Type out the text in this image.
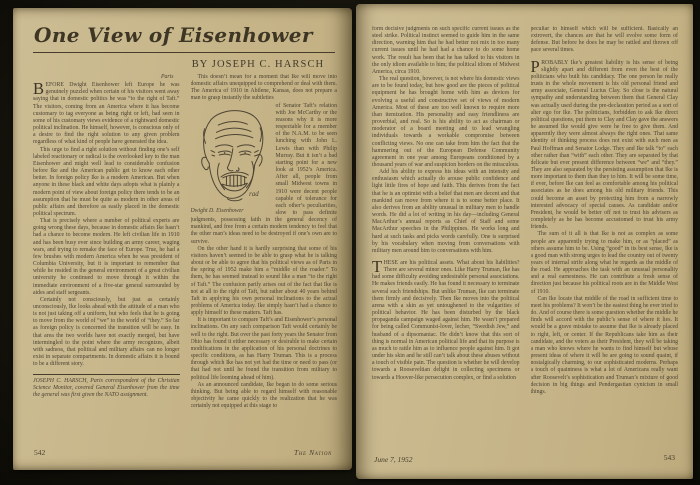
One View of Eisenhower
BY JOSEPH C. HARSCH
Paris

BEFORE Dwight Eisenhower left Europe he was genuinely puzzled when certain of his visitors went away saying that in domestic politics he was “to the right of Taft.” The visitors, coming from an America where it has become customary to tag everyone as being right or left, had seen in some of his customary views evidence of a rightward domestic political inclination. He himself, however, is conscious only of a desire to find the right solution to any given problem regardless of what kind of people have generated the idea.

This urge to find a right solution without finding one’s self labeled reactionary or radical is the overlooked key to the man Eisenhower and might well lead to considerable confusion before Ike and the American public get to know each other better. In foreign policy Ike is a modern American. But when anyone in these black and white days adopts what is plainly a modern point of view about foreign policy there tends to be an assumption that he must be quite as modern in other areas of public affairs and therefore as easily placed in the domestic political spectrum.

That is precisely where a number of political experts are going wrong these days, because in domestic affairs Ike hasn’t had a chance to become modern. He left civilian life in 1910 and has been busy ever since building an army career, waging wars, and trying to remake the face of Europe. True, he had a few brushes with modern America when he was president of Columbia University, but it is important to remember that while he resided in the general environment of a great civilian university he continued to move through it within the immediate environment of a five-star general surrounded by aides and staff sergeants.

Certainly not consciously, but just as certainly unconsciously, Ike looks ahead with the attitude of a man who is not just taking off a uniform, but who feels that he is going to move from the world of “we” to the world of “they.” So far as foreign policy is concerned the transition will be easy. In that area the two worlds have not exactly merged, but have intermingled to the point where the army recognizes, albeit with sadness, that political and military affairs can no longer exist in separate compartments. In domestic affairs it is bound to be a different story.

JOSEPH C. HARSCH, Paris correspondent of the Christian Science Monitor, covered General Eisenhower from the time the general was first given the NATO assignment.

This doesn’t mean for a moment that Ike will move into domestic affairs unequipped to comprehend or deal with them. The America of 1910 in Abilene, Kansas, does not prepare a man to grasp instantly the subtleties

rad
Dwight D. Eisenhower

of Senator Taft’s relation with Joe McCarthy or the reasons why it is more respectable for a member of the N.A.M. to be seen lunching with John L. Lewis than with Philip Murray. But it isn’t a bad starting point for a new look at 1952’s America. After all, people from small Midwest towns in 1910 were decent people capable of tolerance for each other’s peculiarities, slow to pass definite judgments, possessing faith in the general decency of mankind, and free from a certain modern tendency to feel that the other man’s ideas need to be destroyed if one’s own are to survive.

On the other hand it is hardly surprising that some of his visitors haven’t seemed to be able to grasp what he is talking about or be able to agree that his political views as of Paris in the spring of 1952 make him a “middle of the roader.” To them, he has seemed instead to sound like a man “to the right of Taft.” The confusion partly arises out of the fact that Ike is not at all to the right of Taft, but rather about 40 years behind Taft in applying his own personal inclinations to the actual problems of America today. Ike simply hasn’t had a chance to apply himself to these matters. Taft has.

It is important to compare Taft’s and Eisenhower’s personal inclinations. On any such comparison Taft would certainly be well to the right. But over the past forty years the Senator from Ohio has found it either necessary or desirable to make certain modifications in the application of his personal doctrines to specific conditions, as has Harry Truman. This is a process through which Ike has not yet had the time or need to pass (or that had not until he found the transition from military to political life looming ahead of him).

As an announced candidate, Ike began to do some serious thinking. But being able to regard himself with reasonable objectivity he came quickly to the realization that he was certainly not equipped at this stage to

542	The Nation

form decisive judgments on such specific current issues as the steel strike. Political instinct seemed to guide him in the same direction, warning him that he had better not mix in too many current issues until he had had a chance to do some home work. The result has been that he has talked to his visitors in the only idiom available to him; the political idiom of Midwest America, circa 1910.

The real question, however, is not where his domestic views are to be found today, but how good are the pieces of political equipment he has brought home with him as devices for evolving a useful and constructive set of views of modern America. Most of these are too well known to require more than itemization. His personality and easy friendliness are proverbial, and real. So is his ability to act as chairman or moderator of a board meeting and to lead wrangling individuals towards a workable compromise between conflicting views. No one can take from him the fact that the hammering out of the European Defense Community agreement in one year among Europeans conditioned by a thousand years of war and suspicion borders on the miraculous.

Add his ability to express his ideas with an intensity and enthusiasm which actually do arouse public confidence and light little fires of hope and faith. This derives from the fact that he is an optimist with a belief that men are decent and that mankind can move from where it is to some better place. It also derives from an ability unusual in military men to handle words. He did a lot of writing in his day—including General MacArthur’s annual reports as Chief of Staff and some MacArthur speeches in the Philippines. He works long and hard at such tasks and picks words carefully. One is surprised by his vocabulary when moving from conversations with military men around him to conversations with him.

THESE are his political assets. What about his liabilities? There are several minor ones. Like Harry Truman, Ike has had some difficulty avoiding undesirable personal associations. He makes friends easily. He has found it necessary to terminate several such friendships. But unlike Truman, Ike can terminate them firmly and decisively. Then Ike moves into the political arena with a skin as yet untoughened to the vulgarities of political behavior. He has been disturbed by the black propaganda campaign waged against him. He wasn’t prepared for being called Communist-lover, lecher, “Swedish Jew,” and husband of a dipsomaniac. He didn’t know that this sort of thing is normal in American political life and that its purpose is as much to rattle him as to influence people against him. It got under his skin and he still can’t talk about these abuses without a touch of visible pain. The question is whether he will develop towards a Rooseveltian delight in collecting specimens or towards a Hoover-like persecution complex, or find a solution

peculiar to himself which will be sufficient. Basically an extrovert, the chances are that he will evolve some form of defense. But before he does he may be rattled and thrown off pace several times.

PROBABLY Ike’s greatest liability is his sense of being slightly apart and different from even the best of the politicians who built his candidacy. The one person he really trusts in the whole movement is his old personal friend and army associate, General Lucius Clay. So close is the natural sympathy and understanding between them that General Clay was actually used during the pre-declaration period as a sort of alter ego for Ike. The politicians, forbidden to ask Ike direct political questions, put them to Clay and Clay gave the answers he assumed Ike would give were he free to give them. And apparently they were almost always the right ones. That same identity of thinking process does not exist with such men as Paul Hoffman and Senator Lodge. They and Ike talk “to” each other rather than “with” each other. They are separated by that delicate but ever present difference between “we” and “they.” They are also separated by the persisting assumption that Ike is more important to them than they to him. It will be some time, if ever, before Ike can feel as comfortable among his political associates as he does among his old military friends. This could become an asset by protecting him from a narrowly interested advocacy of special causes. As candidate and/or President, he would be better off not to trust his advisers as completely as he has become accustomed to trust his army friends.

The sum of it all is that Ike is not as complex as some people are apparently trying to make him, or as “placed” as others assume him to be. Using “good” in its best sense, Ike is a good man with strong urges to lead the country out of twenty years of internal strife along what he regards as the middle of the road. He approaches the task with an unusual personality and a real earnestness. He can contribute a fresh sense of direction just because his political roots are in the Middle West of 1910.

Can Ike locate that middle of the road in sufficient time to meet his problems? It won’t be the easiest thing he ever tried to do. And of course there is some question whether the middle he finds will accord with the public’s sense of where it lies. It would be a grave mistake to assume that Ike is already placed to right, left, or center. If the Republicans take him as their candidate, and the voters as their President, they will be taking a man who knows where he wants to find himself but whose present ideas of where it will be are going to sound quaint, if nostalgically charming, to our sophisticated moderns. Perhaps a touch of quaintness is what a lot of Americans really want after Roosevelt’s sophistication and Truman’s mixture of good decision in big things and Pendergastian cynicism in small things.

June 7, 1952	543
